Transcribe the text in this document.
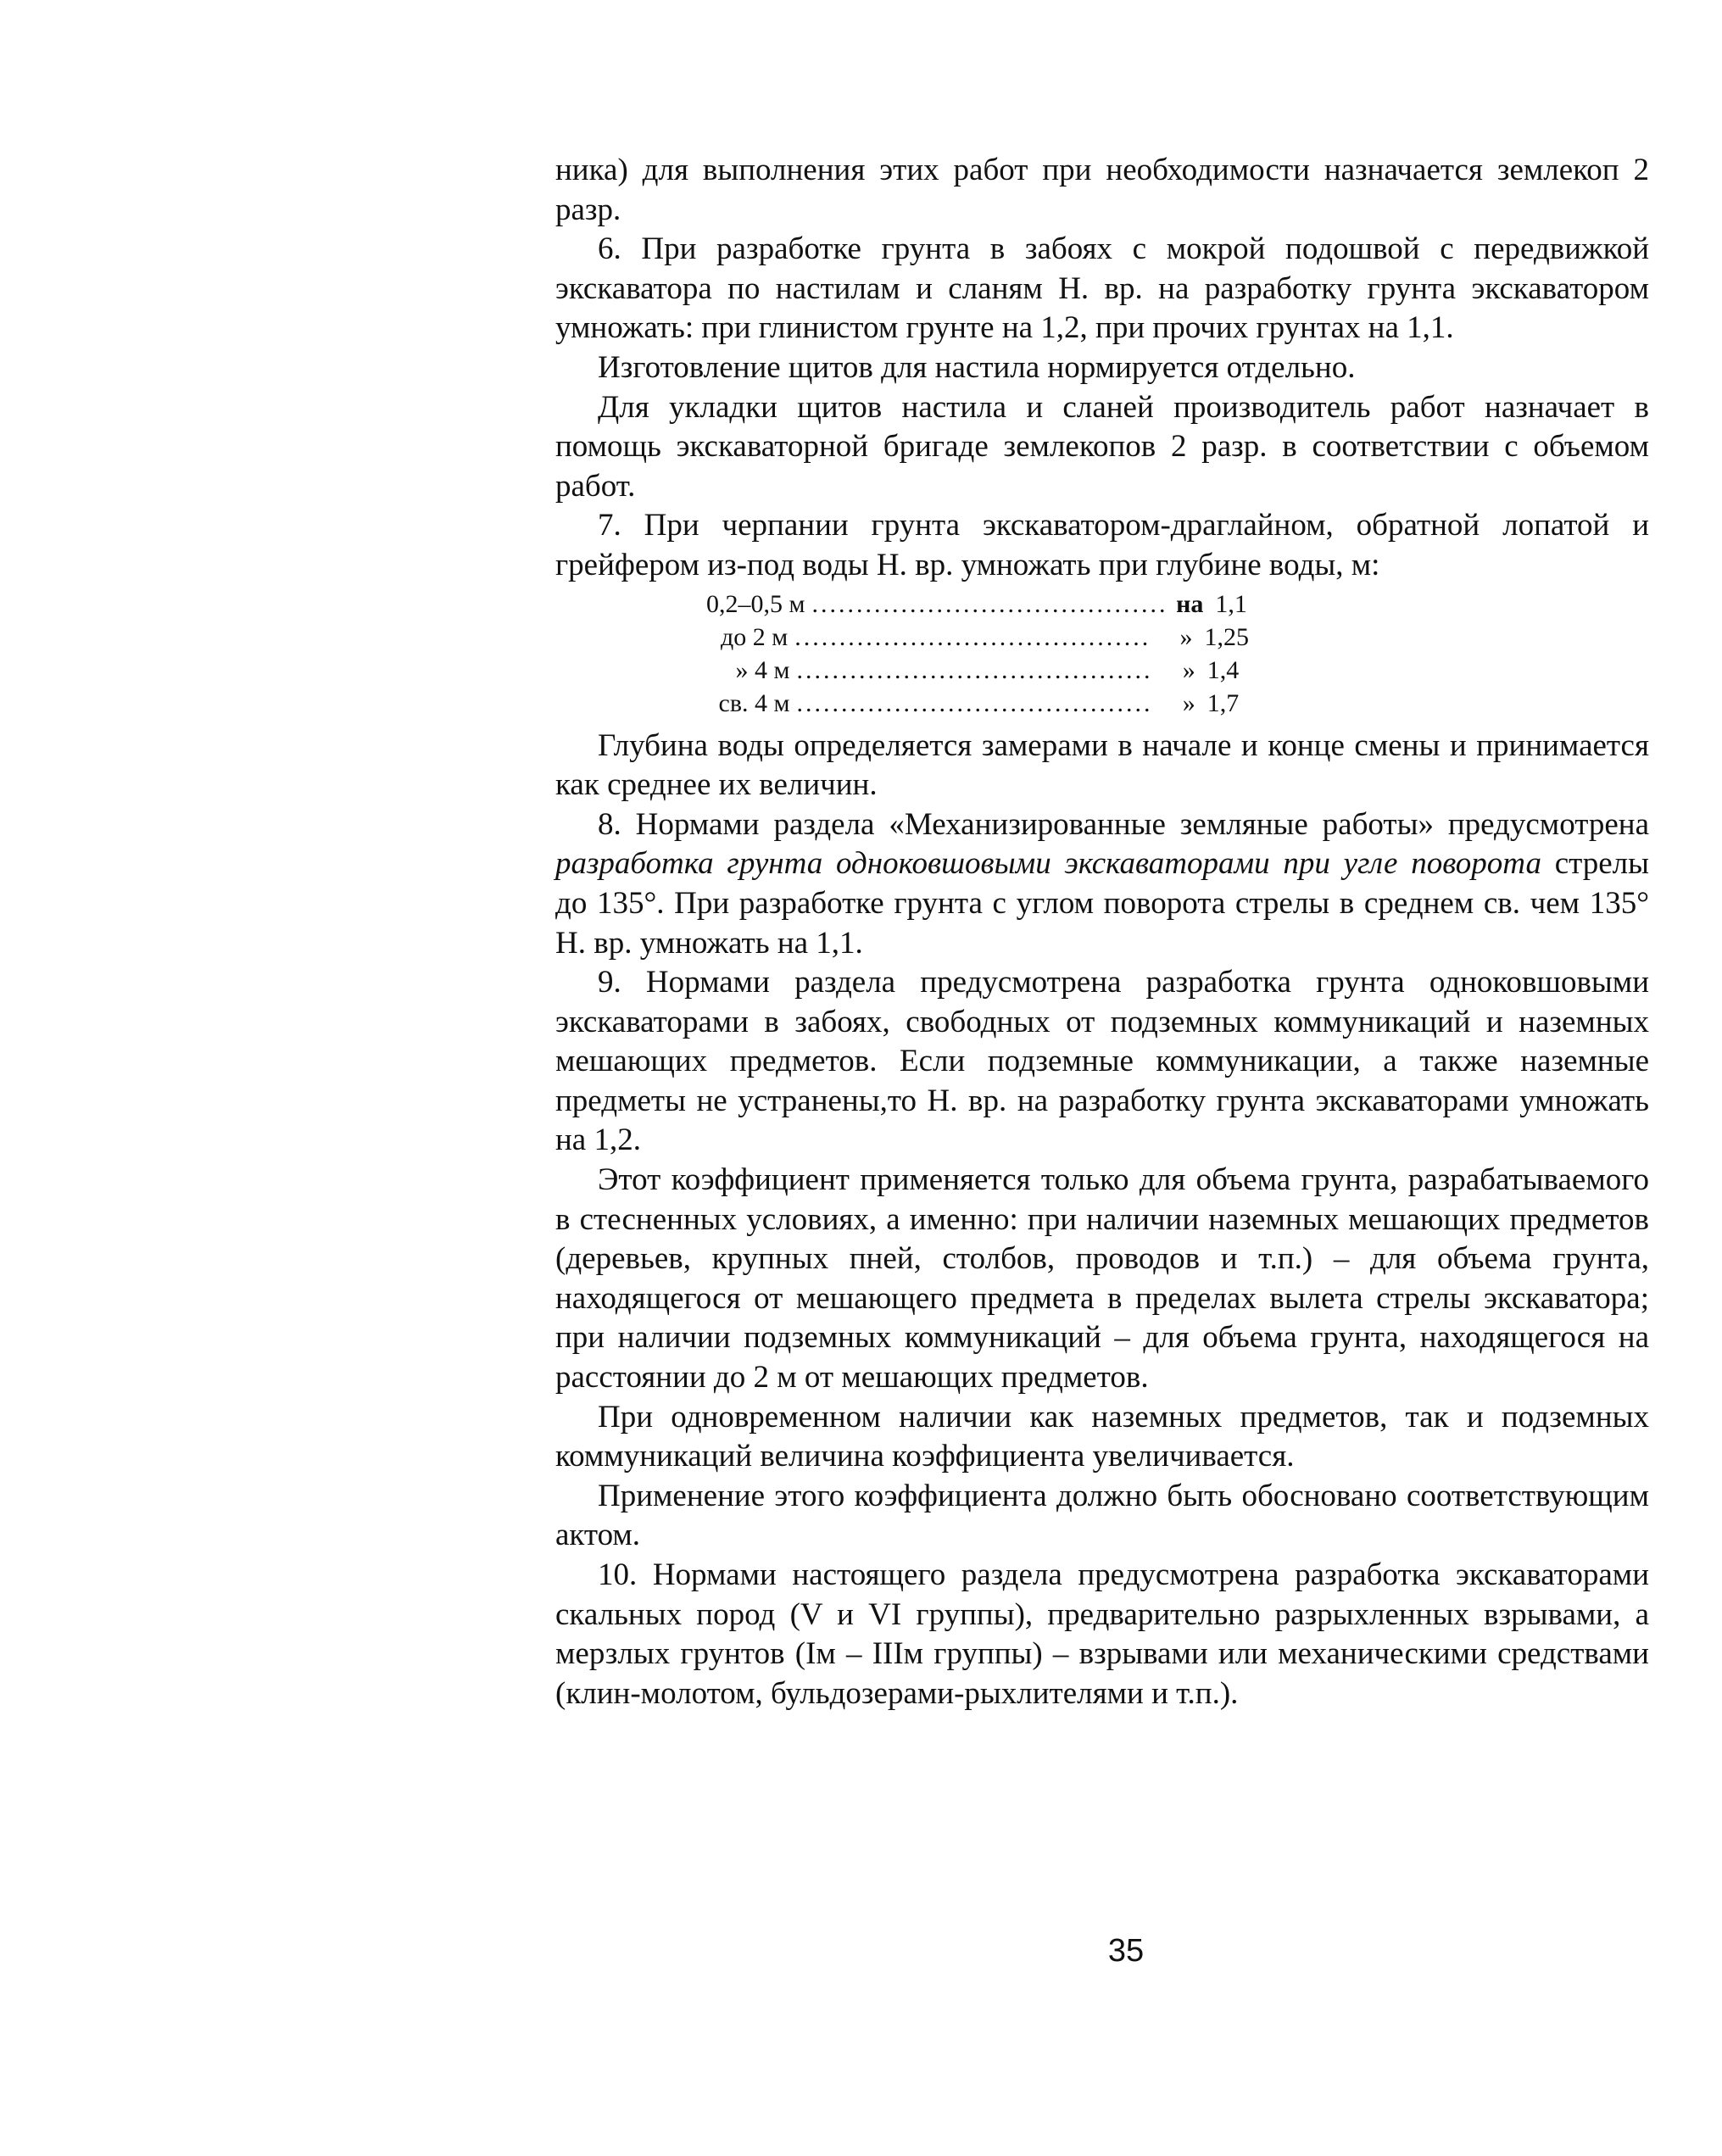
ника) для выполнения этих работ при необходимости назначается землекоп 2 разр.

6. При разработке грунта в забоях с мокрой подошвой с передвижкой экскаватора по настилам и сланям Н. вр. на разработку грунта экскаватором умножать: при глинистом грунте на 1,2, при прочих грунтах на 1,1.

Изготовление щитов для настила нормируется отдельно.

Для укладки щитов настила и сланей производитель работ назначает в помощь экскаваторной бригаде землекопов 2 разр. в соответствии с объемом работ.

7. При черпании грунта экскаватором-драглайном, обратной лопатой и грейфером из-под воды Н. вр. умножать при глубине воды, м:

0,2–0,5 м ........................................ на 1,1
до 2 м ........................................	» 1,25
» 4 м ........................................	» 1,4
св. 4 м ........................................	» 1,7

Глубина воды определяется замерами в начале и конце смены и принимается как среднее их величин.

8. Нормами раздела «Механизированные земляные работы» предусмотрена разработка грунта одноковшовыми экскаваторами при угле поворота стрелы до 135°. При разработке грунта с углом поворота стрелы в среднем св. чем 135° Н. вр. умножать на 1,1.

9. Нормами раздела предусмотрена разработка грунта одноковшовыми экскаваторами в забоях, свободных от подземных коммуникаций и наземных мешающих предметов. Если подземные коммуникации, а также наземные предметы не устранены,то Н. вр. на разработку грунта экскаваторами умножать на 1,2.

Этот коэффициент применяется только для объема грунта, разрабатываемого в стесненных условиях, а именно: при наличии наземных мешающих предметов (деревьев, крупных пней, столбов, проводов и т.п.) – для объема грунта, находящегося от мешающего предмета в пределах вылета стрелы экскаватора; при наличии подземных коммуникаций – для объема грунта, находящегося на расстоянии до 2 м от мешающих предметов.

При одновременном наличии как наземных предметов, так и подземных коммуникаций величина коэффициента увеличивается.

Применение этого коэффициента должно быть обосновано соответствующим актом.

10. Нормами настоящего раздела предусмотрена разработка экскаваторами скальных пород (V и VI группы), предварительно разрыхленных взрывами, а мерзлых грунтов (Iм – IIIм группы) – взрывами или механическими средствами (клин-молотом, бульдозерами-рыхлителями и т.п.).

35
